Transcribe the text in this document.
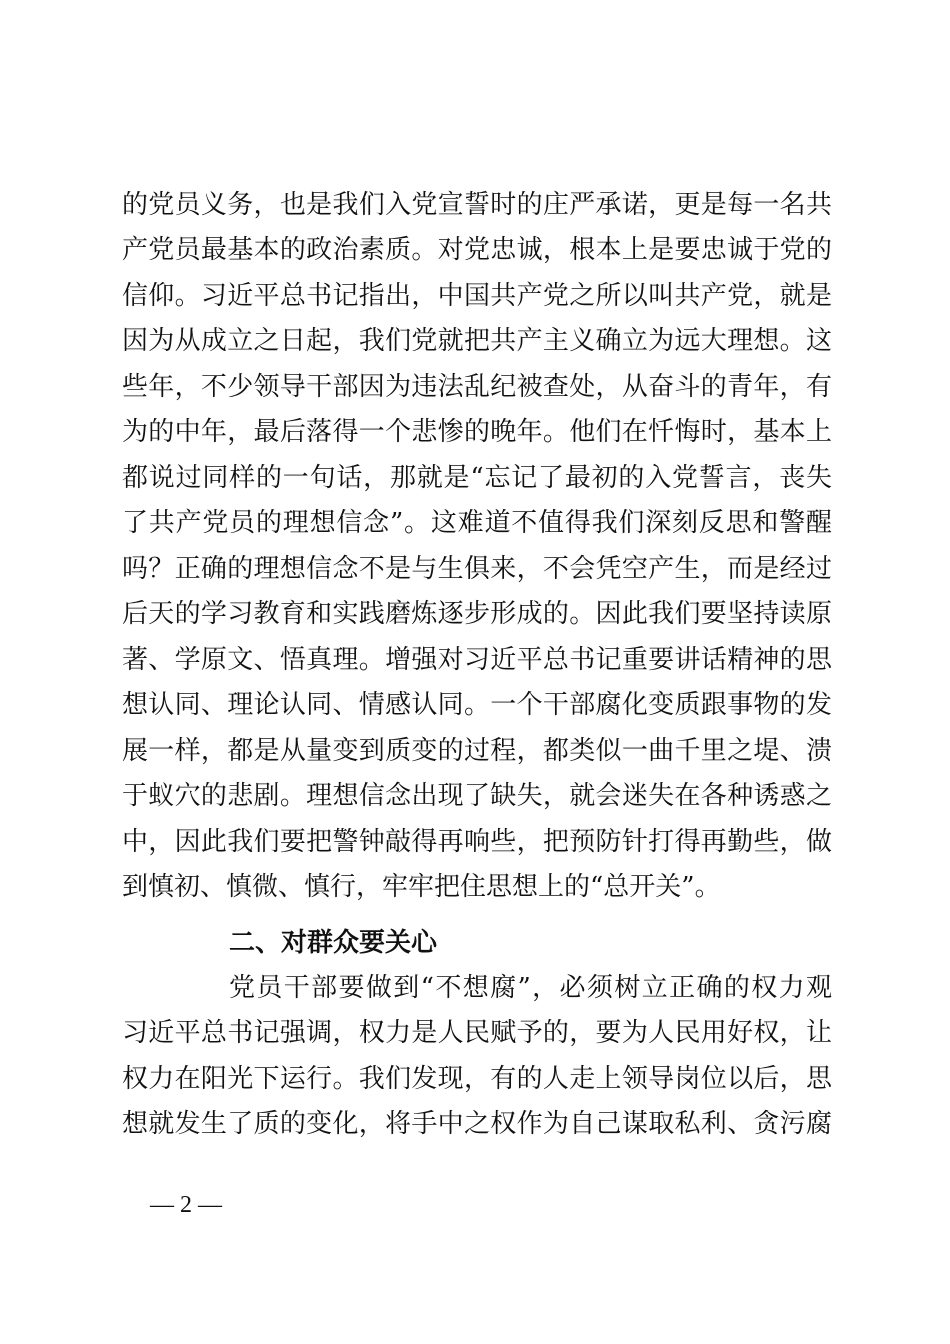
的党员义务，也是我们入党宣誓时的庄严承诺，更是每一名共
产党员最基本的政治素质。对党忠诚，根本上是要忠诚于党的
信仰。习近平总书记指出，中国共产党之所以叫共产党，就是
因为从成立之日起，我们党就把共产主义确立为远大理想。这
些年，不少领导干部因为违法乱纪被查处，从奋斗的青年，有
为的中年，最后落得一个悲惨的晚年。他们在忏悔时，基本上
都说过同样的一句话，那就是“忘记了最初的入党誓言，丧失
了共产党员的理想信念”。这难道不值得我们深刻反思和警醒
吗？正确的理想信念不是与生俱来，不会凭空产生，而是经过
后天的学习教育和实践磨炼逐步形成的。因此我们要坚持读原
著、学原文、悟真理。增强对习近平总书记重要讲话精神的思
想认同、理论认同、情感认同。一个干部腐化变质跟事物的发
展一样，都是从量变到质变的过程，都类似一曲千里之堤、溃
于蚁穴的悲剧。理想信念出现了缺失，就会迷失在各种诱惑之
中，因此我们要把警钟敲得再响些，把预防针打得再勤些，做
到慎初、慎微、慎行，牢牢把住思想上的“总开关”。
二、对群众要关心
党员干部要做到“不想腐”，必须树立正确的权力观
习近平总书记强调，权力是人民赋予的，要为人民用好权，让
权力在阳光下运行。我们发现，有的人走上领导岗位以后，思
想就发生了质的变化，将手中之权作为自己谋取私利、贪污腐
— 2 —
